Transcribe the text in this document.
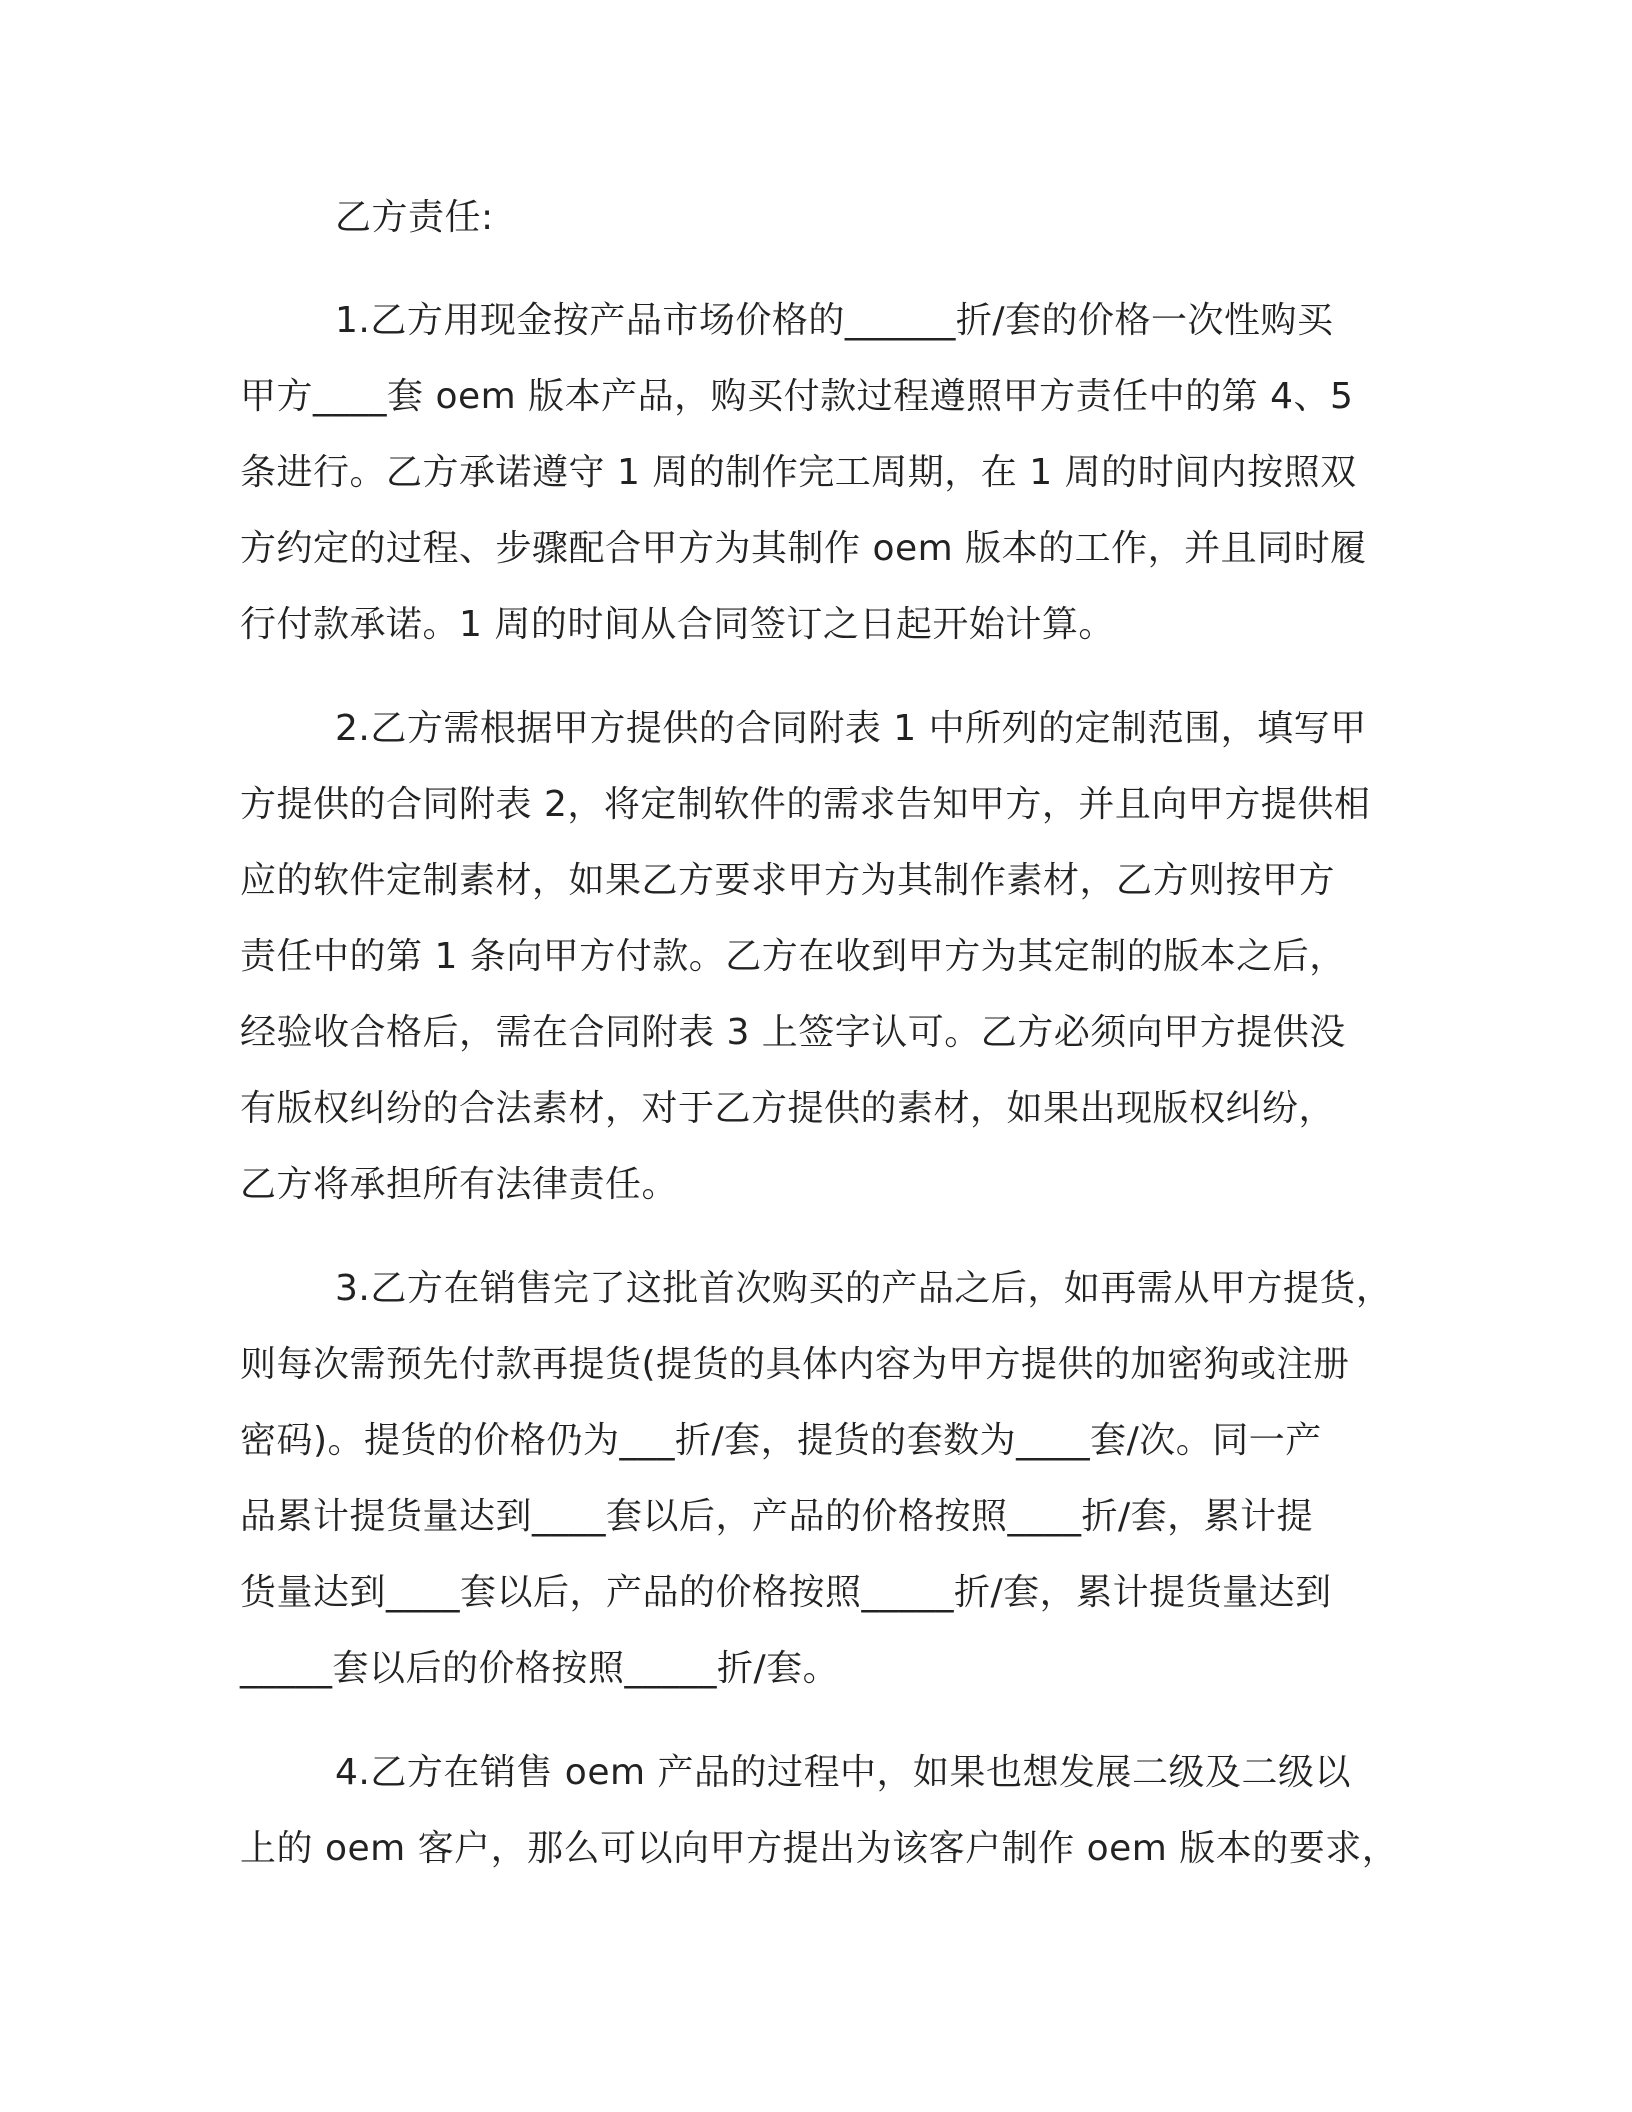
乙方责任:
1.乙方用现金按产品市场价格的______折/套的价格一次性购买
甲方____套 oem 版本产品，购买付款过程遵照甲方责任中的第 4、5
条进行。乙方承诺遵守 1 周的制作完工周期，在 1 周的时间内按照双
方约定的过程、步骤配合甲方为其制作 oem 版本的工作，并且同时履
行付款承诺。1 周的时间从合同签订之日起开始计算。
2.乙方需根据甲方提供的合同附表 1 中所列的定制范围，填写甲
方提供的合同附表 2，将定制软件的需求告知甲方，并且向甲方提供相
应的软件定制素材，如果乙方要求甲方为其制作素材，乙方则按甲方
责任中的第 1 条向甲方付款。乙方在收到甲方为其定制的版本之后，
经验收合格后，需在合同附表 3 上签字认可。乙方必须向甲方提供没
有版权纠纷的合法素材，对于乙方提供的素材，如果出现版权纠纷，
乙方将承担所有法律责任。
3.乙方在销售完了这批首次购买的产品之后，如再需从甲方提货，
则每次需预先付款再提货(提货的具体内容为甲方提供的加密狗或注册
密码)。提货的价格仍为___折/套，提货的套数为____套/次。同一产
品累计提货量达到____套以后，产品的价格按照____折/套，累计提
货量达到____套以后，产品的价格按照_____折/套，累计提货量达到
_____套以后的价格按照_____折/套。
4.乙方在销售 oem 产品的过程中，如果也想发展二级及二级以
上的 oem 客户，那么可以向甲方提出为该客户制作 oem 版本的要求，
